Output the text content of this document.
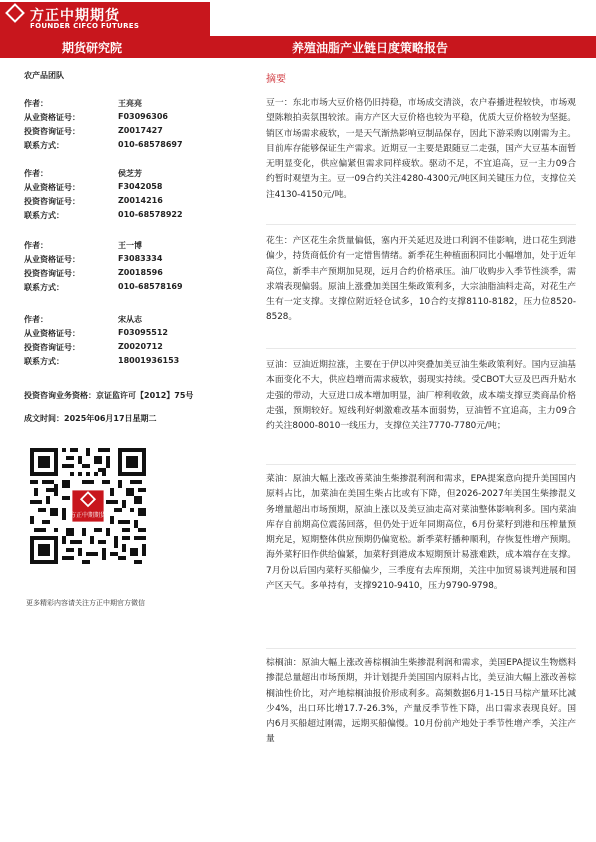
方正中期期货
FOUNDER CIFCO FUTURES
期货研究院	养殖油脂产业链日度策略报告
农产品团队
作者：	王亮亮
从业资格证号：	F03096306
投资咨询证号：	Z0017427
联系方式：	010-68578697
作者：	侯芝芳
从业资格证号：	F3042058
投资咨询证号：	Z0014216
联系方式：	010-68578922
作者：	王一博
从业资格证号：	F3083334
投资咨询证号：	Z0018596
联系方式：	010-68578169
作者：	宋从志
从业资格证号：	F03095512
投资咨询证号：	Z0020712
联系方式：	18001936153
投资咨询业务资格：京证监许可【2012】75号
成文时间：2025年06月17日星期二
方正中期期货
更多精彩内容请关注方正中期官方微信
摘要
豆一：东北市场大豆价格仍旧持稳，市场成交清淡，农户春播进程较快，市场观望陈粮拍卖氛围较浓。南方产区大豆价格也较为平稳，优质大豆价格较为坚挺。销区市场需求疲软，一是天气渐热影响豆制品保存，因此下游采购以刚需为主。目前库存能够保证生产需求。近期豆一主要是跟随豆二走强，国产大豆基本面暂无明显变化，供应偏紧但需求同样疲软。驱动不足，不宜追高，豆一主力09合约暂时观望为主。豆一09合约关注4280-4300元/吨区间关键压力位，支撑位关注4130-4150元/吨。
花生：产区花生余货量偏低，塞内开关延迟及进口利润不佳影响，进口花生到港偏少，持货商低价有一定惜售情绪。新季花生种植面积同比小幅增加，处于近年高位，新季丰产预期加見现，远月合约价格承压。油厂收购步入季节性淡季，需求端表现偏弱。原油上涨叠加美国生柴政策利多，大宗油脂油料走高，对花生产生有一定支撑。支撑位附近轻仓试多，10合约支撑8110-8182，压力位8520-8528。
豆油：豆油近期拉涨，主要在于伊以冲突叠加美豆油生柴政策利好。国内豆油基本面变化不大，供应趋增而需求疲软，弱现实持续。受CBOT大豆及巴西升贴水走强的带动，大豆进口成本增加明显，油厂榨利收敛，成本端支撑豆类商品价格走强，预期较好。短线利好刺激难改基本面弱势，豆油暂不宜追高，主力09合约关注8000-8010一线压力，支撑位关注7770-7780元/吨；
菜油：原油大幅上涨改善菜油生柴掺混利润和需求，EPA提案意向提升美国国内原料占比，加菜油在美国生柴占比或有下降，但2026-2027年美国生柴掺混义务增量超出市场预期，原油上涨以及美豆油走高对菜油整体影响利多。国内菜油库存自前期高位震荡回落，但仍处于近年同期高位，6月份菜籽到港和压榨量预期充足，短期整体供应预期仍偏宽松。新季菜籽播种顺利，存恢复性增产预期。海外菜籽旧作供给偏紧，加菜籽到港成本短期预计易涨难跌，成本端存在支撑。7月份以后国内菜籽买船偏少，三季度有去库预期，关注中加贸易谈判进展和国产区天气。多单持有，支撑9210-9410，压力9790-9798。
棕榈油：原油大幅上涨改善棕榈油生柴掺混利润和需求，美国EPA提议生物燃料掺混总量超出市场预期，并计划提升美国国内原料占比，美豆油大幅上涨改善棕榈油性价比，对产地棕榈油报价形成利多。高频数据6月1-15日马棕产量环比减少4%，出口环比增17.7-26.3%，产量反季节性下降，出口需求表现良好。国内6月买船超过刚需，远期买船偏慢。10月份前产地处于季节性增产季，关注产量
